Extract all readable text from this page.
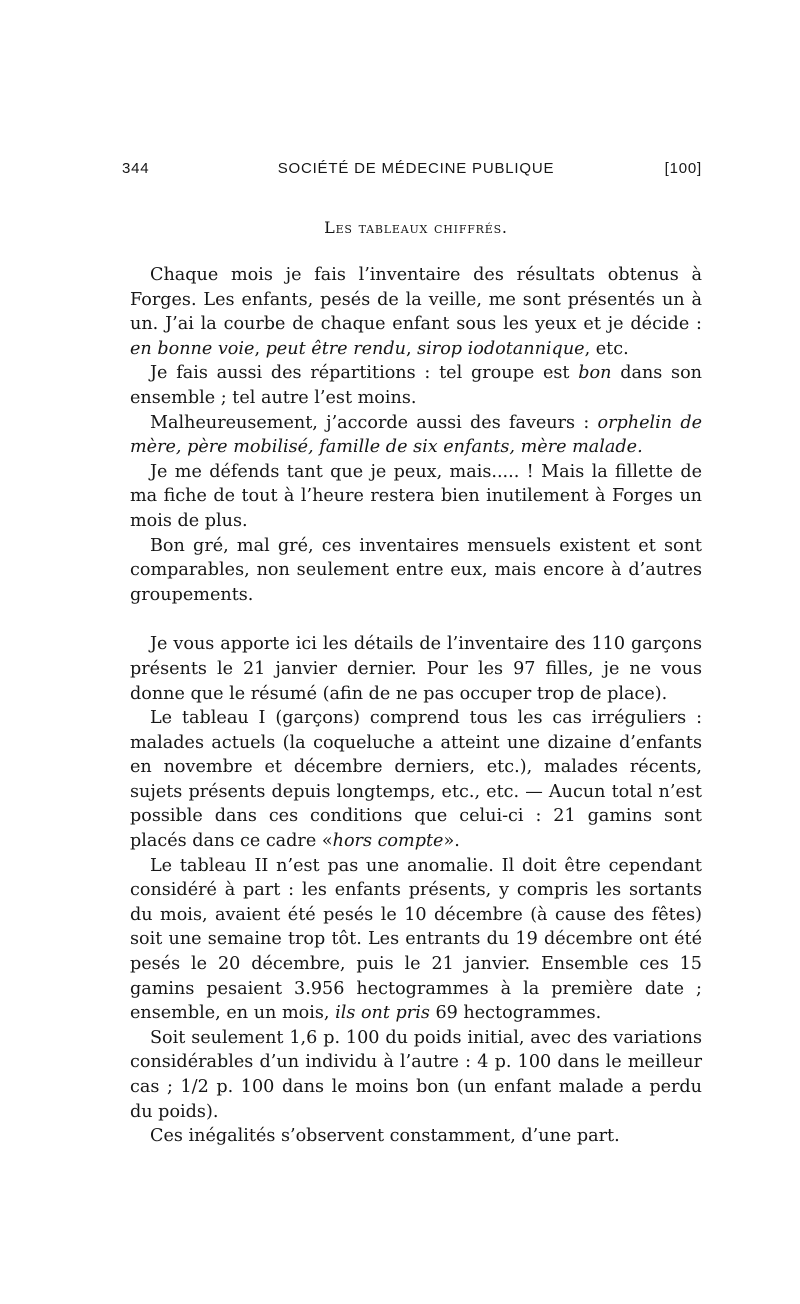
344	SOCIÉTÉ DE MÉDECINE PUBLIQUE	[100]
Les tableaux chiffrés.

Chaque mois je fais l’inventaire des résultats obtenus à Forges. Les enfants, pesés de la veille, me sont présentés un à un. J’ai la courbe de chaque enfant sous les yeux et je décide : en bonne voie, peut être rendu, sirop iodotannique, etc.

Je fais aussi des répartitions : tel groupe est bon dans son ensemble ; tel autre l’est moins.

Malheureusement, j’accorde aussi des faveurs : orphelin de mère, père mobilisé, famille de six enfants, mère malade.

Je me défends tant que je peux, mais..... ! Mais la fillette de ma fiche de tout à l’heure restera bien inutilement à Forges un mois de plus.

Bon gré, mal gré, ces inventaires mensuels existent et sont comparables, non seulement entre eux, mais encore à d’autres groupements.

Je vous apporte ici les détails de l’inventaire des 110 garçons présents le 21 janvier dernier. Pour les 97 filles, je ne vous donne que le résumé (afin de ne pas occuper trop de place).

Le tableau I (garçons) comprend tous les cas irréguliers : malades actuels (la coqueluche a atteint une dizaine d’enfants en novembre et décembre derniers, etc.), malades récents, sujets présents depuis longtemps, etc., etc. — Aucun total n’est possible dans ces conditions que celui-ci : 21 gamins sont placés dans ce cadre «hors compte».

Le tableau II n’est pas une anomalie. Il doit être cependant considéré à part : les enfants présents, y compris les sortants du mois, avaient été pesés le 10 décembre (à cause des fêtes) soit une semaine trop tôt. Les entrants du 19 décembre ont été pesés le 20 décembre, puis le 21 janvier. Ensemble ces 15 gamins pesaient 3.956 hectogrammes à la première date ; ensemble, en un mois, ils ont pris 69 hectogrammes.

Soit seulement 1,6 p. 100 du poids initial, avec des variations considérables d’un individu à l’autre : 4 p. 100 dans le meilleur cas ; 1/2 p. 100 dans le moins bon (un enfant malade a perdu du poids).

Ces inégalités s’observent constamment, d’une part.
